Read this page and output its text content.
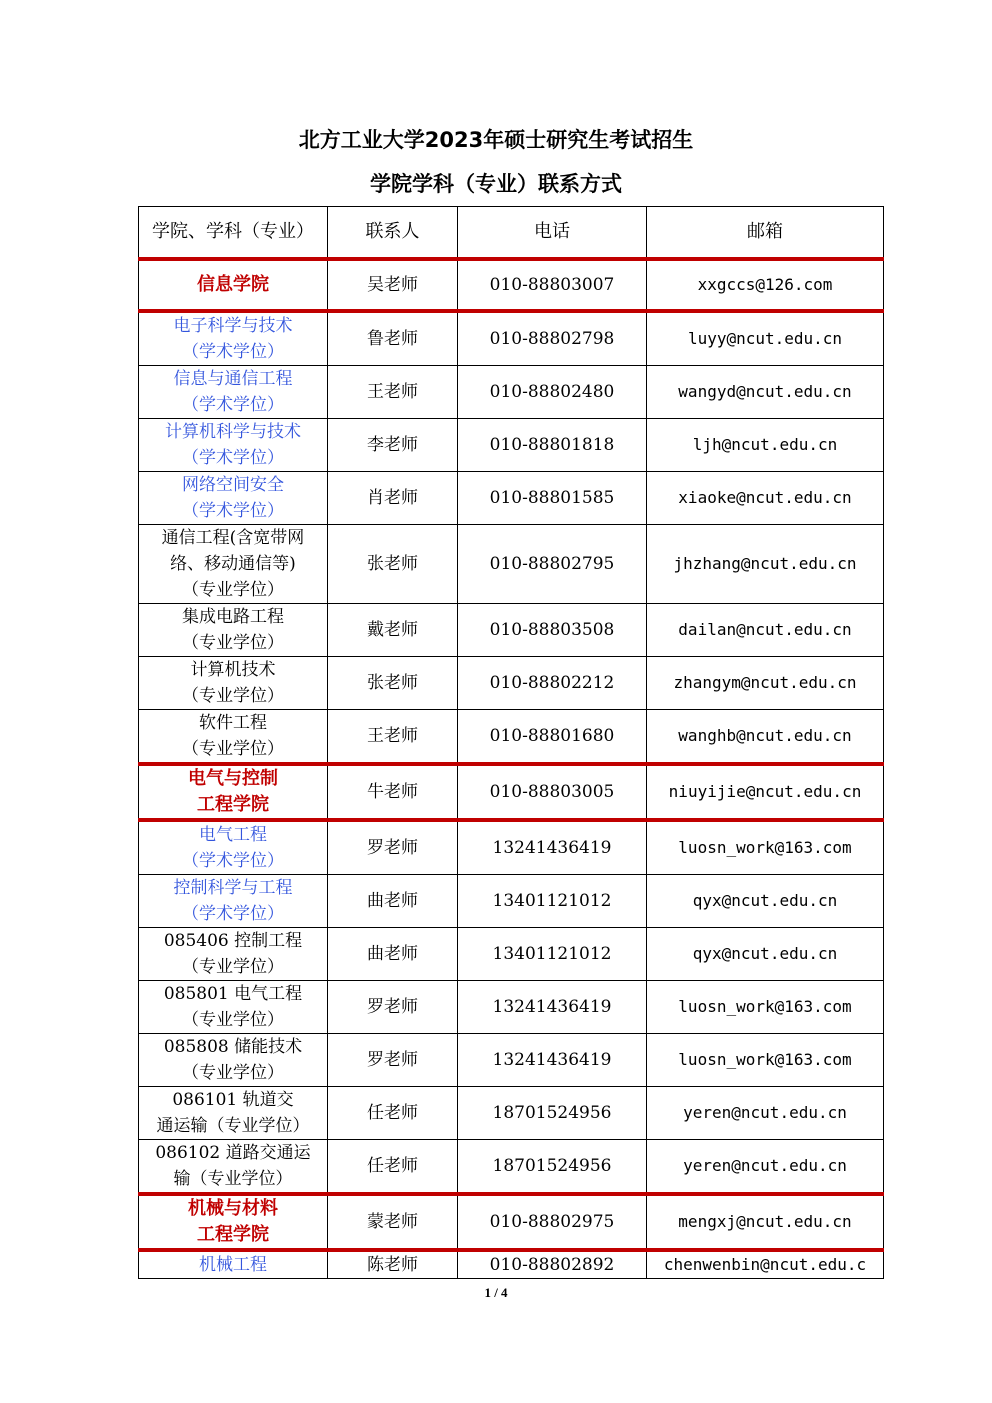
北方工业大学2023年硕士研究生考试招生
学院学科（专业）联系方式
学院、学科（专业）	联系人	电话	邮箱

信息学院	吴老师	010-88803007	xxgccs@126.com

电子科学与技术
（学术学位）	鲁老师	010-88802798	luyy@ncut.edu.cn

信息与通信工程
（学术学位）	王老师	010-88802480	wangyd@ncut.edu.cn

计算机科学与技术
（学术学位）	李老师	010-88801818	ljh@ncut.edu.cn

网络空间安全
（学术学位）	肖老师	010-88801585	xiaoke@ncut.edu.cn

通信工程(含宽带网
络、移动通信等)
（专业学位）	张老师	010-88802795	jhzhang@ncut.edu.cn

集成电路工程
（专业学位）	戴老师	010-88803508	dailan@ncut.edu.cn

计算机技术
（专业学位）	张老师	010-88802212	zhangym@ncut.edu.cn

软件工程
（专业学位）	王老师	010-88801680	wanghb@ncut.edu.cn

电气与控制
工程学院	牛老师	010-88803005	niuyijie@ncut.edu.cn

电气工程
（学术学位）	罗老师	13241436419	luosn_work@163.com

控制科学与工程
（学术学位）	曲老师	13401121012	qyx@ncut.edu.cn

085406 控制工程
（专业学位）	曲老师	13401121012	qyx@ncut.edu.cn

085801 电气工程
（专业学位）	罗老师	13241436419	luosn_work@163.com

085808 储能技术
（专业学位）	罗老师	13241436419	luosn_work@163.com

086101 轨道交
通运输（专业学位）	任老师	18701524956	yeren@ncut.edu.cn

086102 道路交通运
输（专业学位）	任老师	18701524956	yeren@ncut.edu.cn

机械与材料
工程学院	蒙老师	010-88802975	mengxj@ncut.edu.cn

机械工程	陈老师	010-88802892	chenwenbin@ncut.edu.c
1 / 4
